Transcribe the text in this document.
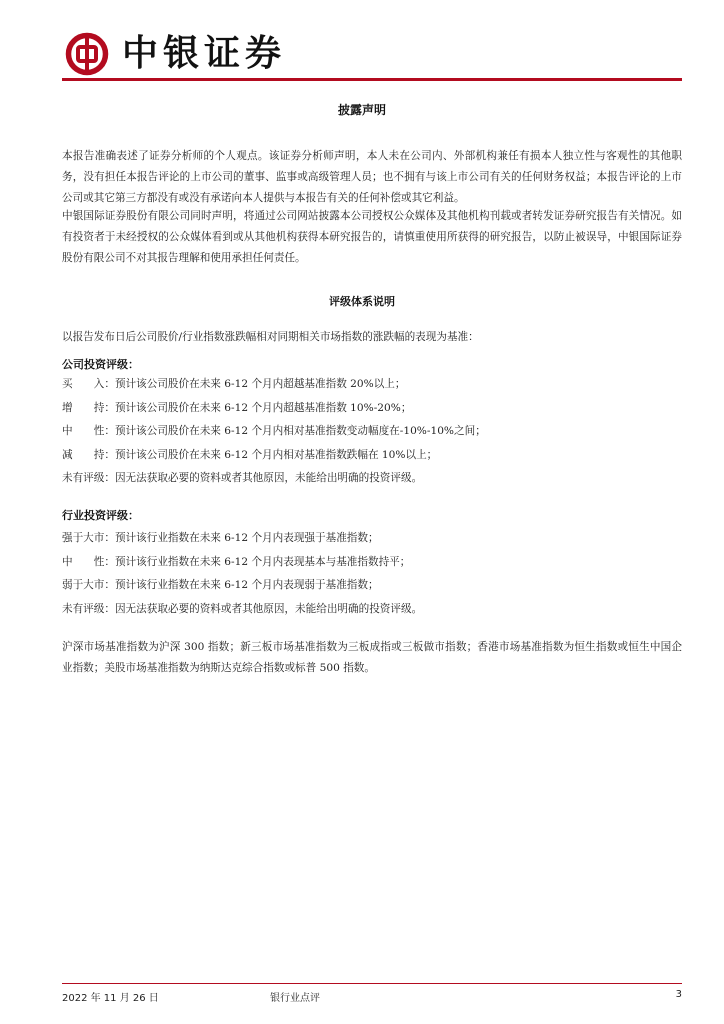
中银证券
披露声明
本报告准确表述了证券分析师的个人观点。该证券分析师声明，本人未在公司内、外部机构兼任有损本人独立性与客观性的其他职务，没有担任本报告评论的上市公司的董事、监事或高级管理人员；也不拥有与该上市公司有关的任何财务权益；本报告评论的上市公司或其它第三方都没有或没有承诺向本人提供与本报告有关的任何补偿或其它利益。
中银国际证券股份有限公司同时声明，将通过公司网站披露本公司授权公众媒体及其他机构刊载或者转发证券研究报告有关情况。如有投资者于未经授权的公众媒体看到或从其他机构获得本研究报告的，请慎重使用所获得的研究报告，以防止被误导，中银国际证券股份有限公司不对其报告理解和使用承担任何责任。
评级体系说明
以报告发布日后公司股价/行业指数涨跌幅相对同期相关市场指数的涨跌幅的表现为基准：
公司投资评级：
买　　入：预计该公司股价在未来 6-12 个月内超越基准指数 20%以上；
增　　持：预计该公司股价在未来 6-12 个月内超越基准指数 10%-20%；
中　　性：预计该公司股价在未来 6-12 个月内相对基准指数变动幅度在-10%-10%之间；
减　　持：预计该公司股价在未来 6-12 个月内相对基准指数跌幅在 10%以上；
未有评级：因无法获取必要的资料或者其他原因，未能给出明确的投资评级。
行业投资评级：
强于大市：预计该行业指数在未来 6-12 个月内表现强于基准指数；
中　　性：预计该行业指数在未来 6-12 个月内表现基本与基准指数持平；
弱于大市：预计该行业指数在未来 6-12 个月内表现弱于基准指数；
未有评级：因无法获取必要的资料或者其他原因，未能给出明确的投资评级。
沪深市场基准指数为沪深 300 指数；新三板市场基准指数为三板成指或三板做市指数；香港市场基准指数为恒生指数或恒生中国企业指数；美股市场基准指数为纳斯达克综合指数或标普 500 指数。
2022 年 11 月 26 日	银行业点评	3
